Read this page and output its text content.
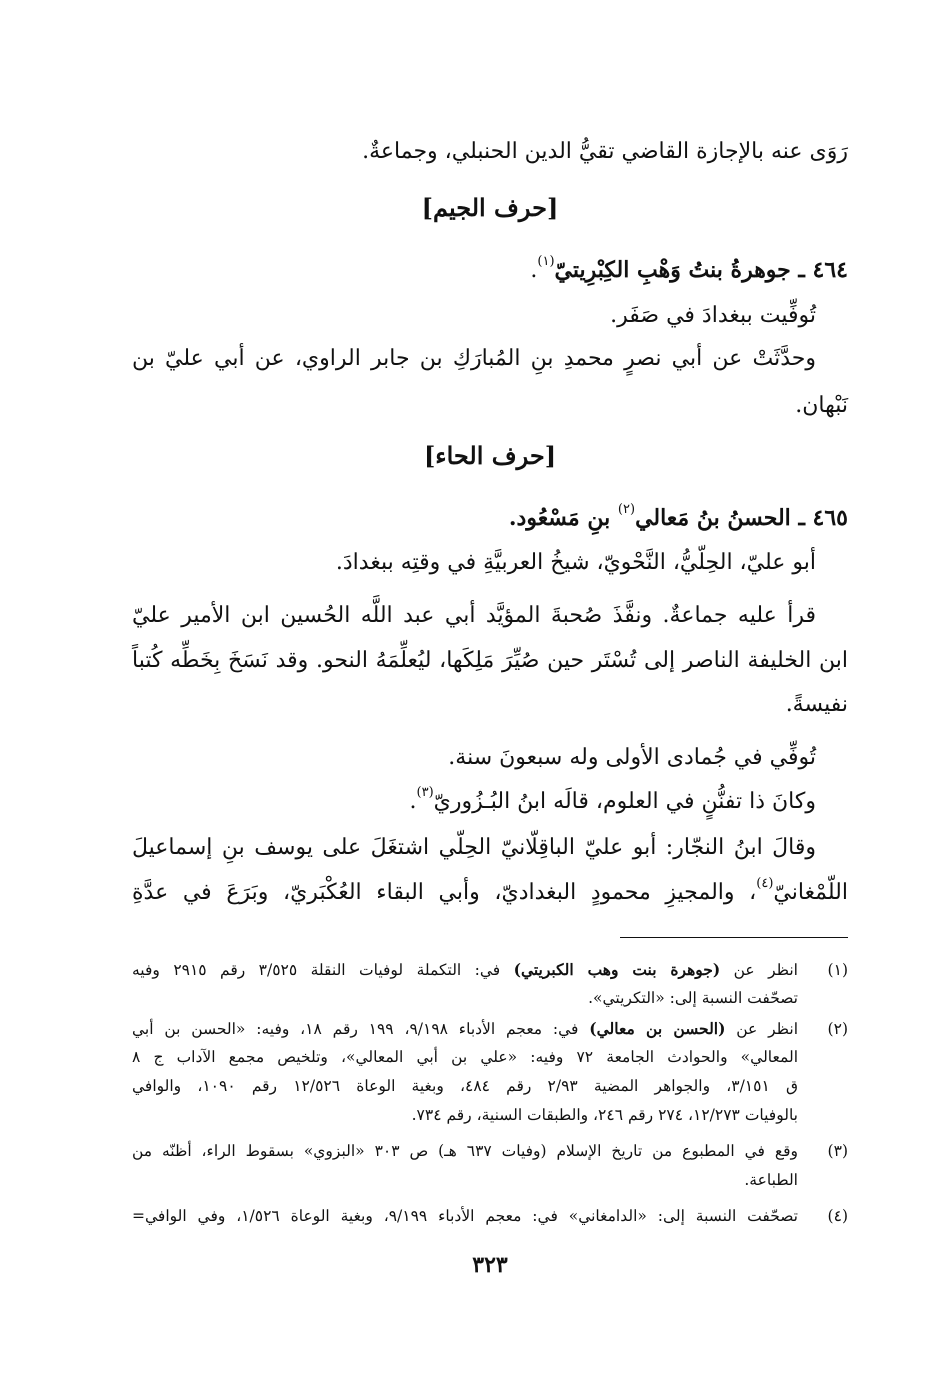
رَوَى عنه بالإجازة القاضي تقيُّ الدين الحنبلي، وجماعةٌ.
[حرف الجيم]
٤٦٤ ـ جوهرةُ بنتُ وَهْبِ الكِبْرِيتيّ$^{(١)}$.
تُوفِّيت ببغدادَ في صَفَر.
وحدَّثَتْ عن أبي نصرٍ محمدِ بنِ المُبارَكِ بن جابر الراوي، عن أبي عليّ بن
نَبْهان.
[حرف الحاء]
٤٦٥ ـ الحسنُ بنُ مَعالي$^{(٢)}$ بنِ مَسْعُود.
أبو عليّ، الحِلّيُّ، النَّحْويّ، شيخُ العربيَّةِ في وقتِه ببغدادَ.
قرأ عليه جماعةٌ. ونفَّذَ صُحبةَ المؤيَّد أبي عبد اللَّه الحُسين ابن الأمير عليّ
ابن الخليفة الناصر إلى تُسْتَر حين صُيِّرَ مَلِكَها، ليُعلِّمَهُ النحو. وقد نَسَخَ بِخَطِّه كُتباً
نفيسةً.
تُوفِّي في جُمادى الأولى وله سبعونَ سنة.
وكانَ ذا تفنُّنٍ في العلوم، قالَه ابنُ البُـزُوريّ$^{(٣)}$.
وقالَ ابنُ النجّار: أبو عليّ الباقِلّانيّ الحِلّي اشتغَلَ على يوسف بنِ إسماعيلَ
اللّمْغانيّ$^{(٤)}$، والمجيزِ محمودٍ البغداديّ، وأبي البقاء العُكْبَريّ، وبَرَعَ في عدَّةِ
(١)
انظر عن (جوهرة بنت وهب الكبريتي) في: التكملة لوفيات النقلة ٣/٥٢٥ رقم ٢٩١٥ وفيه
تصحّفت النسبة إلى: «التكريتي».
(٢)
انظر عن (الحسن بن معالي) في: معجم الأدباء ٩/١٩٨، ١٩٩ رقم ١٨، وفيه: «الحسن بن أبي
المعالي» والحوادث الجامعة ٧٢ وفيه: «علي بن أبي المعالي»، وتلخيص مجمع الآداب ج ٨
ق ٣/١٥١، والجواهر المضية ٢/٩٣ رقم ٤٨٤، وبغية الوعاة ١٢/٥٢٦ رقم ١٠٩٠، والوافي
بالوفيات ١٢/٢٧٣، ٢٧٤ رقم ٢٤٦، والطبقات السنية، رقم ٧٣٤.
(٣)
وقع في المطبوع من تاريخ الإسلام (وفيات ٦٣٧ هـ) ص ٣٠٣ «البزوي» بسقوط الراء، أظنّه من
الطباعة.
(٤)
تصحّفت النسبة إلى: «الدامغاني» في: معجم الأدباء ٩/١٩٩، وبغية الوعاة ١/٥٢٦، وفي الوافي=
٣٢٣
